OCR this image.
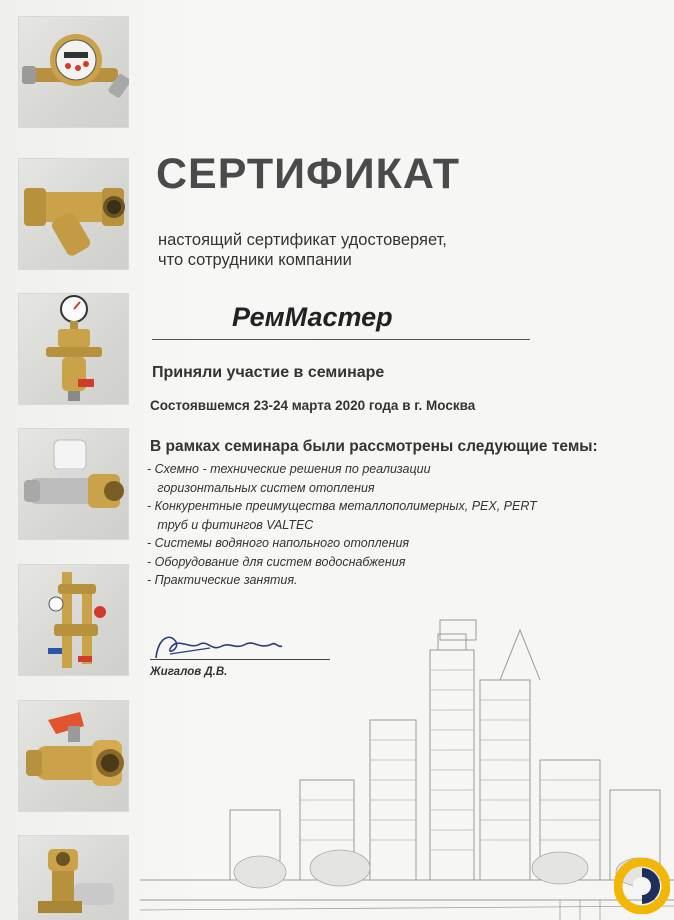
СЕРТИФИКАТ
настоящий сертификат удостоверяет,
что сотрудники компании
РемМастер
Приняли участие в семинаре
Состоявшемся 23-24 марта 2020 года в г. Москва
В рамках семинара были рассмотрены следующие темы:
- Схемно - технические решения по реализации
горизонтальных систем отопления
- Конкурентные преимущества металлополимерных, PEX, PERT
труб и фитингов VALTEC
- Системы водяного напольного отопления
- Оборудование для систем водоснабжения
- Практические занятия.
Жигалов Д.В.
